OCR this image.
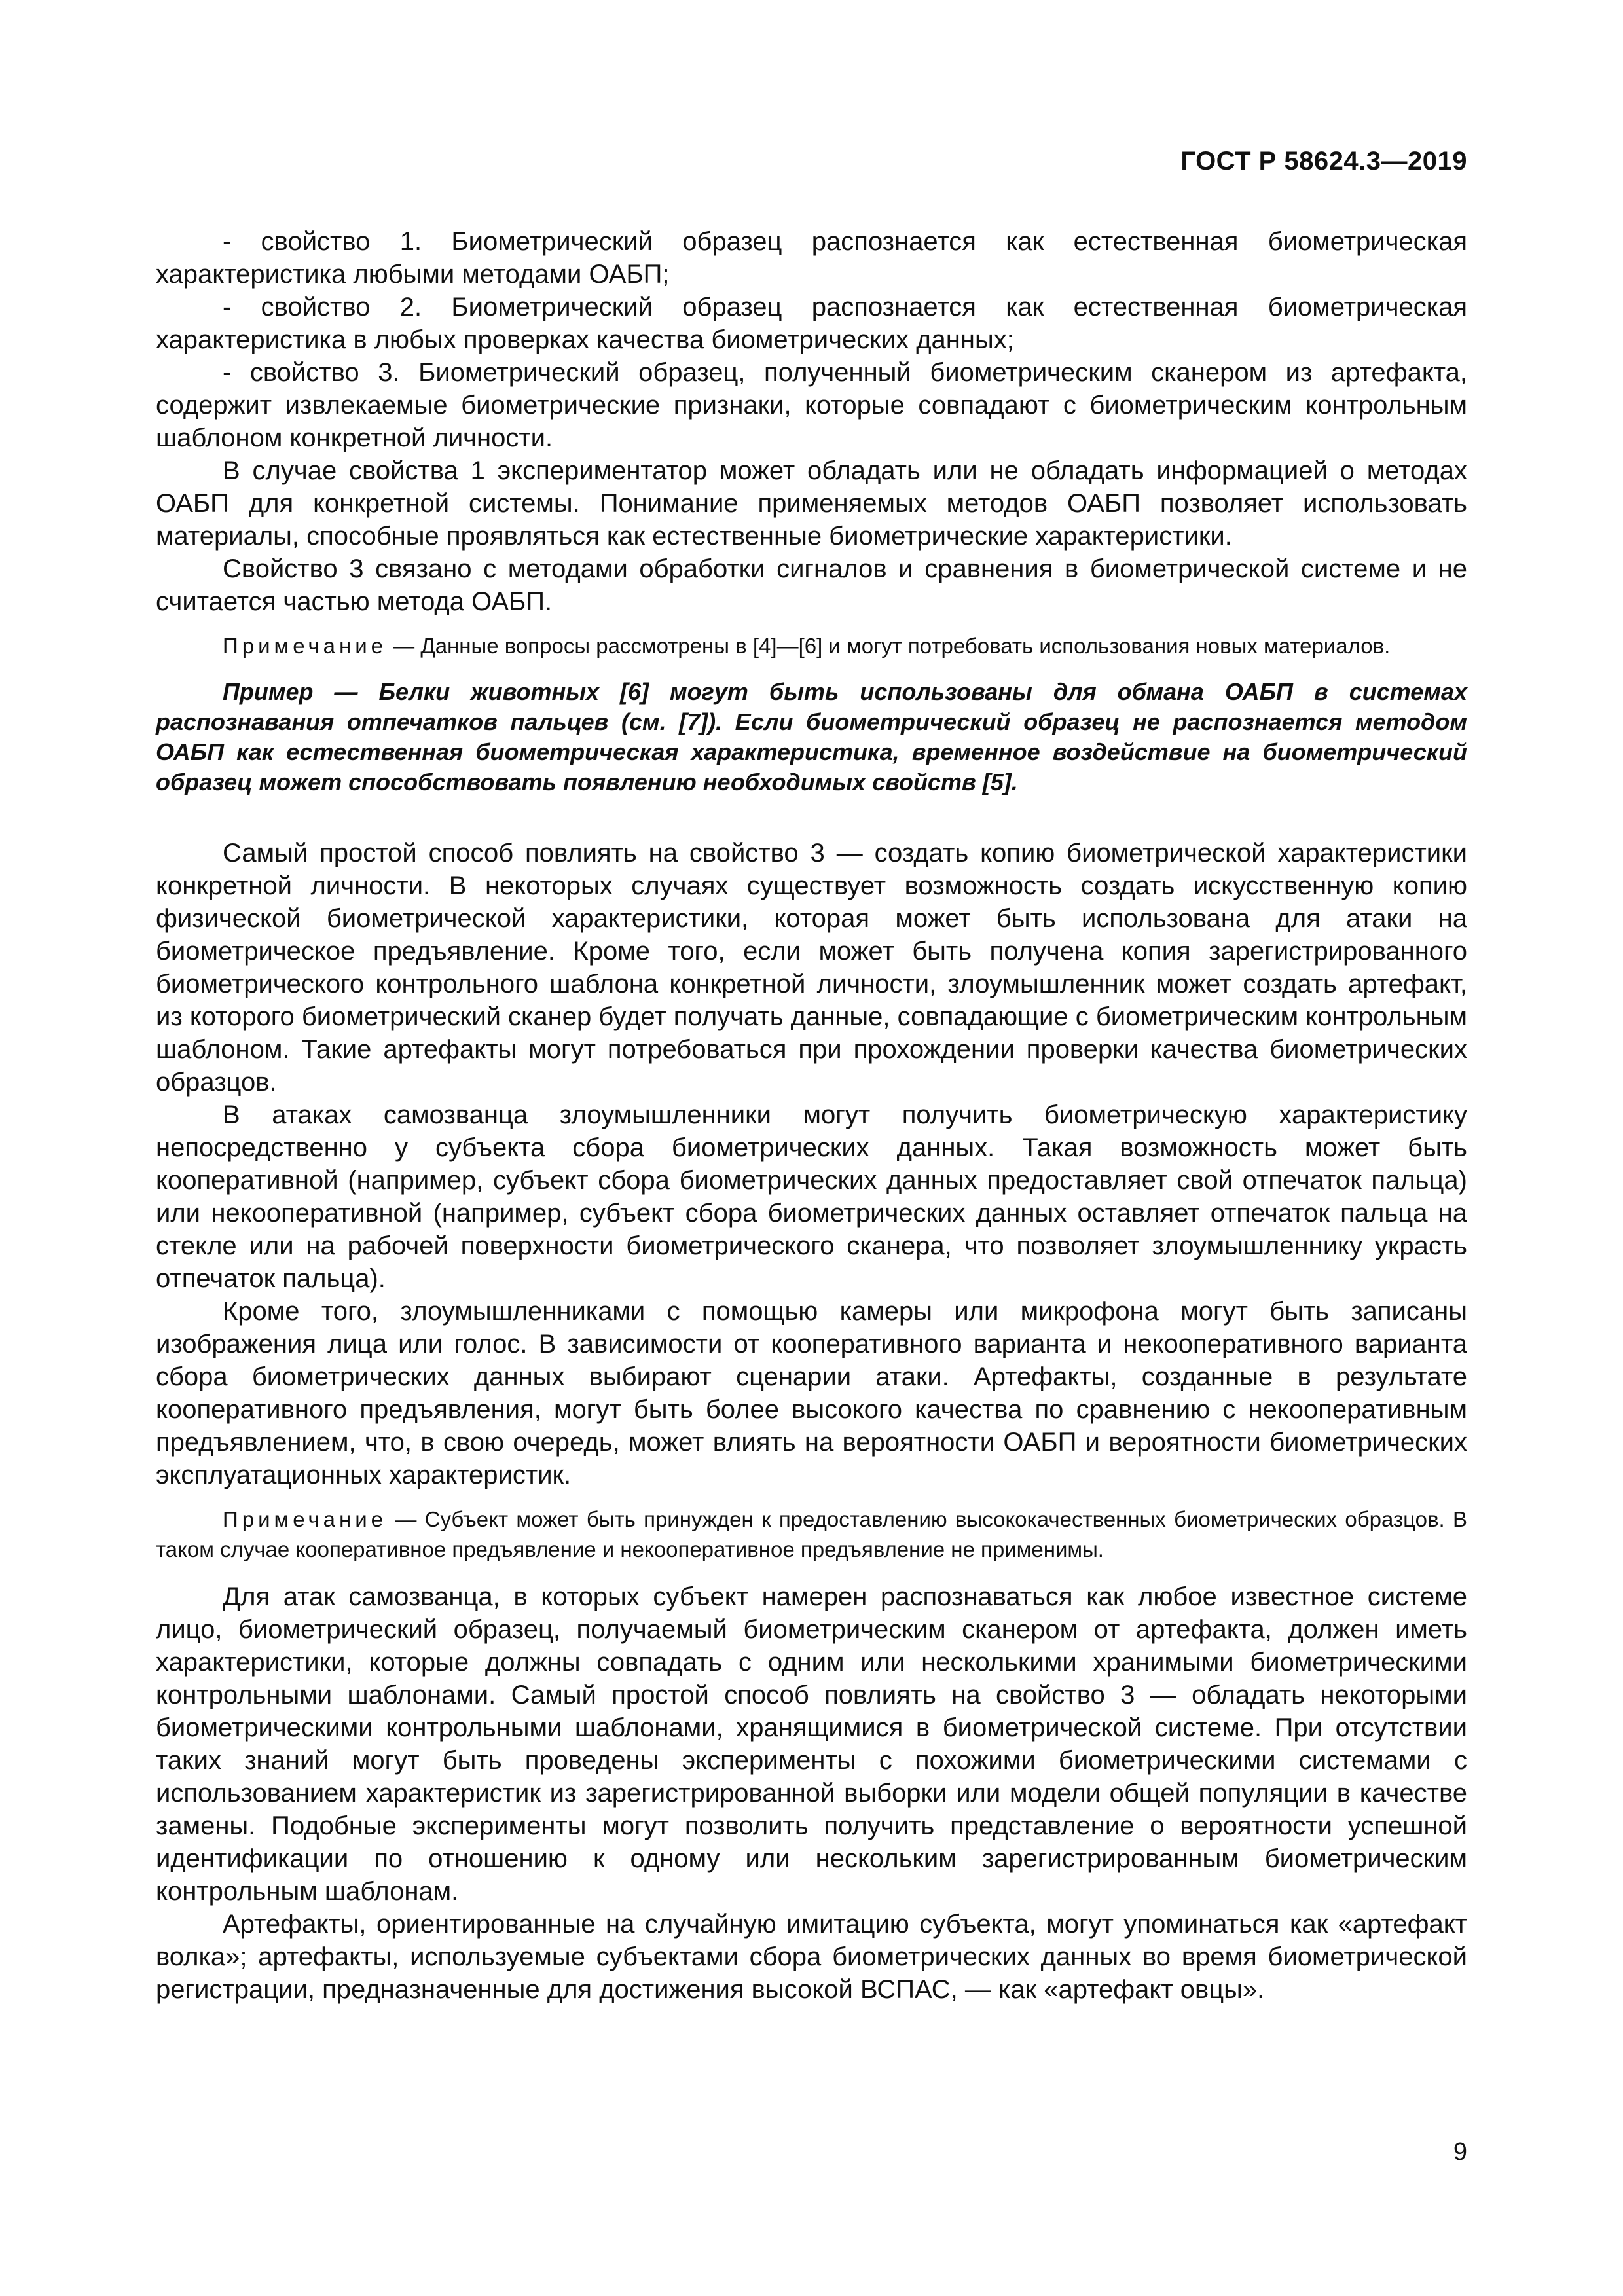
ГОСТ Р 58624.3—2019

- свойство 1. Биометрический образец распознается как естественная биометрическая характеристика любыми методами ОАБП;

- свойство 2. Биометрический образец распознается как естественная биометрическая характеристика в любых проверках качества биометрических данных;

- свойство 3. Биометрический образец, полученный биометрическим сканером из артефакта, содержит извлекаемые биометрические признаки, которые совпадают с биометрическим контрольным шаблоном конкретной личности.

В случае свойства 1 экспериментатор может обладать или не обладать информацией о методах ОАБП для конкретной системы. Понимание применяемых методов ОАБП позволяет использовать материалы, способные проявляться как естественные биометрические характеристики.

Свойство 3 связано с методами обработки сигналов и сравнения в биометрической системе и не считается частью метода ОАБП.

Примечание — Данные вопросы рассмотрены в [4]—[6] и могут потребовать использования новых материалов.

Пример — Белки животных [6] могут быть использованы для обмана ОАБП в системах распознавания отпечатков пальцев (см. [7]). Если биометрический образец не распознается методом ОАБП как естественная биометрическая характеристика, временное воздействие на биометрический образец может способствовать появлению необходимых свойств [5].

Самый простой способ повлиять на свойство 3 — создать копию биометрической характеристики конкретной личности. В некоторых случаях существует возможность создать искусственную копию физической биометрической характеристики, которая может быть использована для атаки на биометрическое предъявление. Кроме того, если может быть получена копия зарегистрированного биометрического контрольного шаблона конкретной личности, злоумышленник может создать артефакт, из которого биометрический сканер будет получать данные, совпадающие с биометрическим контрольным шаблоном. Такие артефакты могут потребоваться при прохождении проверки качества биометрических образцов.

В атаках самозванца злоумышленники могут получить биометрическую характеристику непосредственно у субъекта сбора биометрических данных. Такая возможность может быть кооперативной (например, субъект сбора биометрических данных предоставляет свой отпечаток пальца) или некооперативной (например, субъект сбора биометрических данных оставляет отпечаток пальца на стекле или на рабочей поверхности биометрического сканера, что позволяет злоумышленнику украсть отпечаток пальца).

Кроме того, злоумышленниками с помощью камеры или микрофона могут быть записаны изображения лица или голос. В зависимости от кооперативного варианта и некооперативного варианта сбора биометрических данных выбирают сценарии атаки. Артефакты, созданные в результате кооперативного предъявления, могут быть более высокого качества по сравнению с некооперативным предъявлением, что, в свою очередь, может влиять на вероятности ОАБП и вероятности биометрических эксплуатационных характеристик.

Примечание — Субъект может быть принужден к предоставлению высококачественных биометрических образцов. В таком случае кооперативное предъявление и некооперативное предъявление не применимы.

Для атак самозванца, в которых субъект намерен распознаваться как любое известное системе лицо, биометрический образец, получаемый биометрическим сканером от артефакта, должен иметь характеристики, которые должны совпадать с одним или несколькими хранимыми биометрическими контрольными шаблонами. Самый простой способ повлиять на свойство 3 — обладать некоторыми биометрическими контрольными шаблонами, хранящимися в биометрической системе. При отсутствии таких знаний могут быть проведены эксперименты с похожими биометрическими системами с использованием характеристик из зарегистрированной выборки или модели общей популяции в качестве замены. Подобные эксперименты могут позволить получить представление о вероятности успешной идентификации по отношению к одному или нескольким зарегистрированным биометрическим контрольным шаблонам.

Артефакты, ориентированные на случайную имитацию субъекта, могут упоминаться как «артефакт волка»; артефакты, используемые субъектами сбора биометрических данных во время биометрической регистрации, предназначенные для достижения высокой ВСПАС, — как «артефакт овцы».

9
